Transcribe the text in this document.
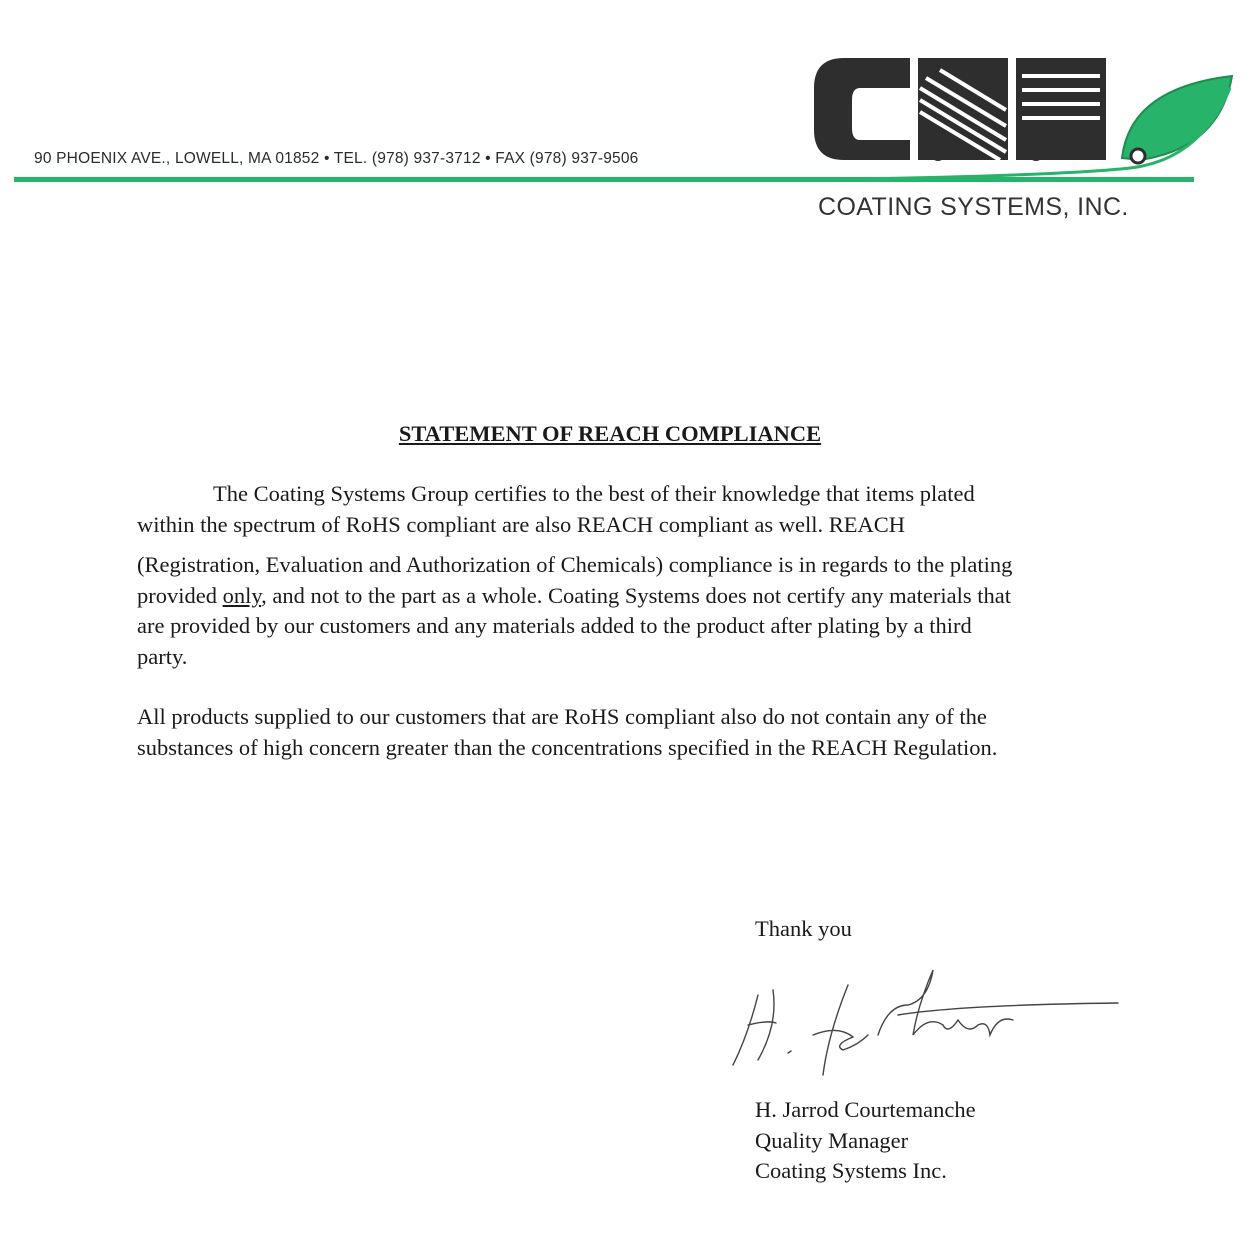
90 PHOENIX AVE., LOWELL, MA 01852 • TEL. (978) 937-3712 • FAX (978) 937-9506
COATING SYSTEMS, INC.
STATEMENT OF REACH COMPLIANCE
The Coating Systems Group certifies to the best of their knowledge that items plated
within the spectrum of RoHS compliant are also REACH compliant as well. REACH
(Registration, Evaluation and Authorization of Chemicals) compliance is in regards to the plating
provided only, and not to the part as a whole. Coating Systems does not certify any materials that
are provided by our customers and any materials added to the product after plating by a third
party.
All products supplied to our customers that are RoHS compliant also do not contain any of the
substances of high concern greater than the concentrations specified in the REACH Regulation.
Thank you
H. Jarrod Courtemanche
Quality Manager
Coating Systems Inc.
